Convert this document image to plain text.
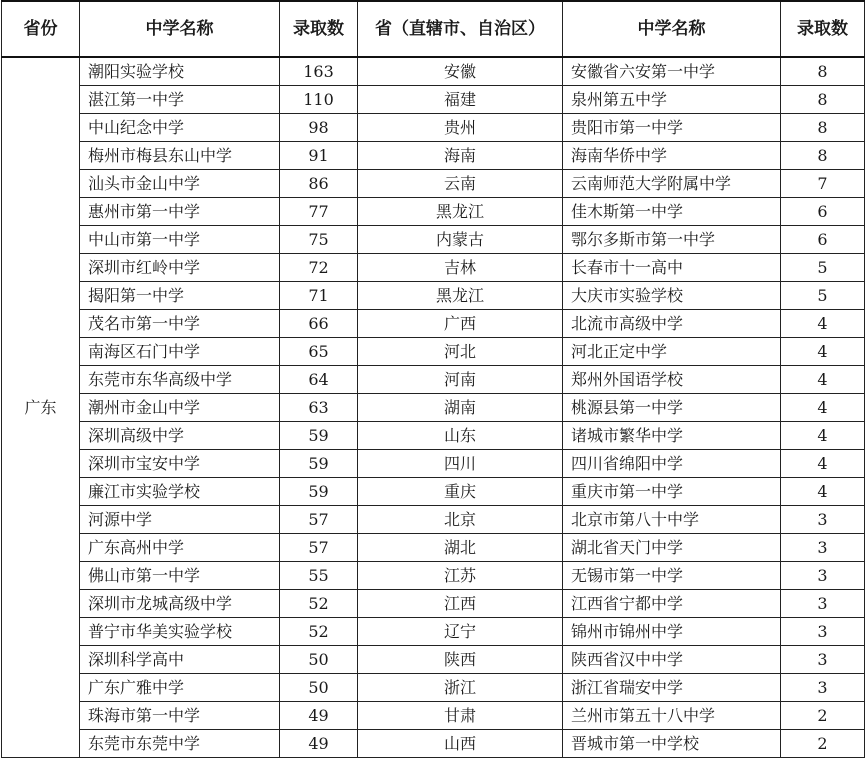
省份	中学名称	录取数	省（直辖市、自治区）	中学名称	录取数
广东	潮阳实验学校	163	安徽	安徽省六安第一中学	8
	湛江第一中学	110	福建	泉州第五中学	8
	中山纪念中学	98	贵州	贵阳市第一中学	8
	梅州市梅县东山中学	91	海南	海南华侨中学	8
	汕头市金山中学	86	云南	云南师范大学附属中学	7
	惠州市第一中学	77	黑龙江	佳木斯第一中学	6
	中山市第一中学	75	内蒙古	鄂尔多斯市第一中学	6
	深圳市红岭中学	72	吉林	长春市十一高中	5
	揭阳第一中学	71	黑龙江	大庆市实验学校	5
	茂名市第一中学	66	广西	北流市高级中学	4
	南海区石门中学	65	河北	河北正定中学	4
	东莞市东华高级中学	64	河南	郑州外国语学校	4
	潮州市金山中学	63	湖南	桃源县第一中学	4
	深圳高级中学	59	山东	诸城市繁华中学	4
	深圳市宝安中学	59	四川	四川省绵阳中学	4
	廉江市实验学校	59	重庆	重庆市第一中学	4
	河源中学	57	北京	北京市第八十中学	3
	广东高州中学	57	湖北	湖北省天门中学	3
	佛山市第一中学	55	江苏	无锡市第一中学	3
	深圳市龙城高级中学	52	江西	江西省宁都中学	3
	普宁市华美实验学校	52	辽宁	锦州市锦州中学	3
	深圳科学高中	50	陕西	陕西省汉中中学	3
	广东广雅中学	50	浙江	浙江省瑞安中学	3
	珠海市第一中学	49	甘肃	兰州市第五十八中学	2
	东莞市东莞中学	49	山西	晋城市第一中学校	2
